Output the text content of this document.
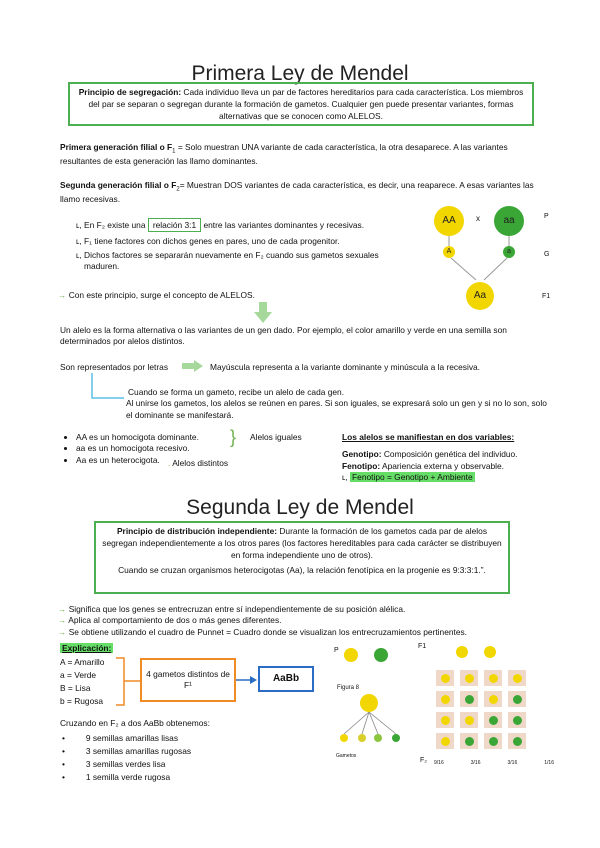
Primera Ley de Mendel
Principio de segregación: Cada individuo lleva un par de factores hereditarios para cada característica. Los miembros del par se separan o segregan durante la formación de gametos. Cualquier gen puede presentar variantes, formas alternativas que se conocen como ALELOS.
Primera generación filial o $F_1$ = Solo muestran UNA variante de cada característica, la otra desaparece. A las variantes resultantes de esta generación las llamo dominantes.
Segunda generación filial o $F_2=$ Muestran DOS variantes de cada característica, es decir, una reaparece. A esas variantes las llamo recesivas.
ʟ, En F₂ existe una relación 3:1 entre las variantes dominantes y recesivas.
ʟ, F₁ tiene factores con dichos genes en pares, uno de cada progenitor.
ʟ, Dichos factores se separarán nuevamente en F₂ cuando sus gametos sexuales maduren.
AA	x	aa	P
A	a	G
Aa	F1
→ Con este principio, surge el concepto de ALELOS.
Un alelo es la forma alternativa o las variantes de un gen dado. Por ejemplo, el color amarillo y verde en una semilla son determinados por alelos distintos.
Son representados por letras	Mayúscula representa a la variante dominante y minúscula a la recesiva.
Cuando se forma un gameto, recibe un alelo de cada gen.
Al unirse los gametos, los alelos se reúnen en pares. Si son iguales, se expresará solo un gen y si no lo son, solo el dominante se manifestará.
• AA es un homocigota dominante.
• aa es un homocigota recesivo.
• Aa es un heterocigota.
} Alelos iguales
. Alelos distintos
Los alelos se manifiestan en dos variables:
Genotipo: Composición genética del individuo.
Fenotipo: Apariencia externa y observable.
ʟ, Fenotipo = Genotipo + Ambiente
Segunda Ley de Mendel
Principio de distribución independiente: Durante la formación de los gametos cada par de alelos segregan independientemente a los otros pares (los factores hereditables para cada carácter se distribuyen en forma independiente uno de otros).
Cuando se cruzan organismos heterocigotas (Aa), la relación fenotípica en la progenie es 9:3:3:1.”.
→ Significa que los genes se entrecruzan entre sí independientemente de su posición alélica.
→ Aplica al comportamiento de dos o más genes diferentes.
→ Se obtiene utilizando el cuadro de Punnet = Cuadro donde se visualizan los entrecruzamientos pertinentes.
Explicación:
A = Amarillo
a = Verde
B = Lisa
b = Rugosa
4 gametos distintos de F¹
AaBb
Cruzando en F₂ a dos AaBb obtenemos:
•         9 semillas amarillas lisas
•         3 semillas amarillas rugosas
•         3 semillas verdes lisa
•         1 semilla verde rugosa
P
Figura 8
Gametos
F1
F₂ 9/16	3/16	3/16	1/16
